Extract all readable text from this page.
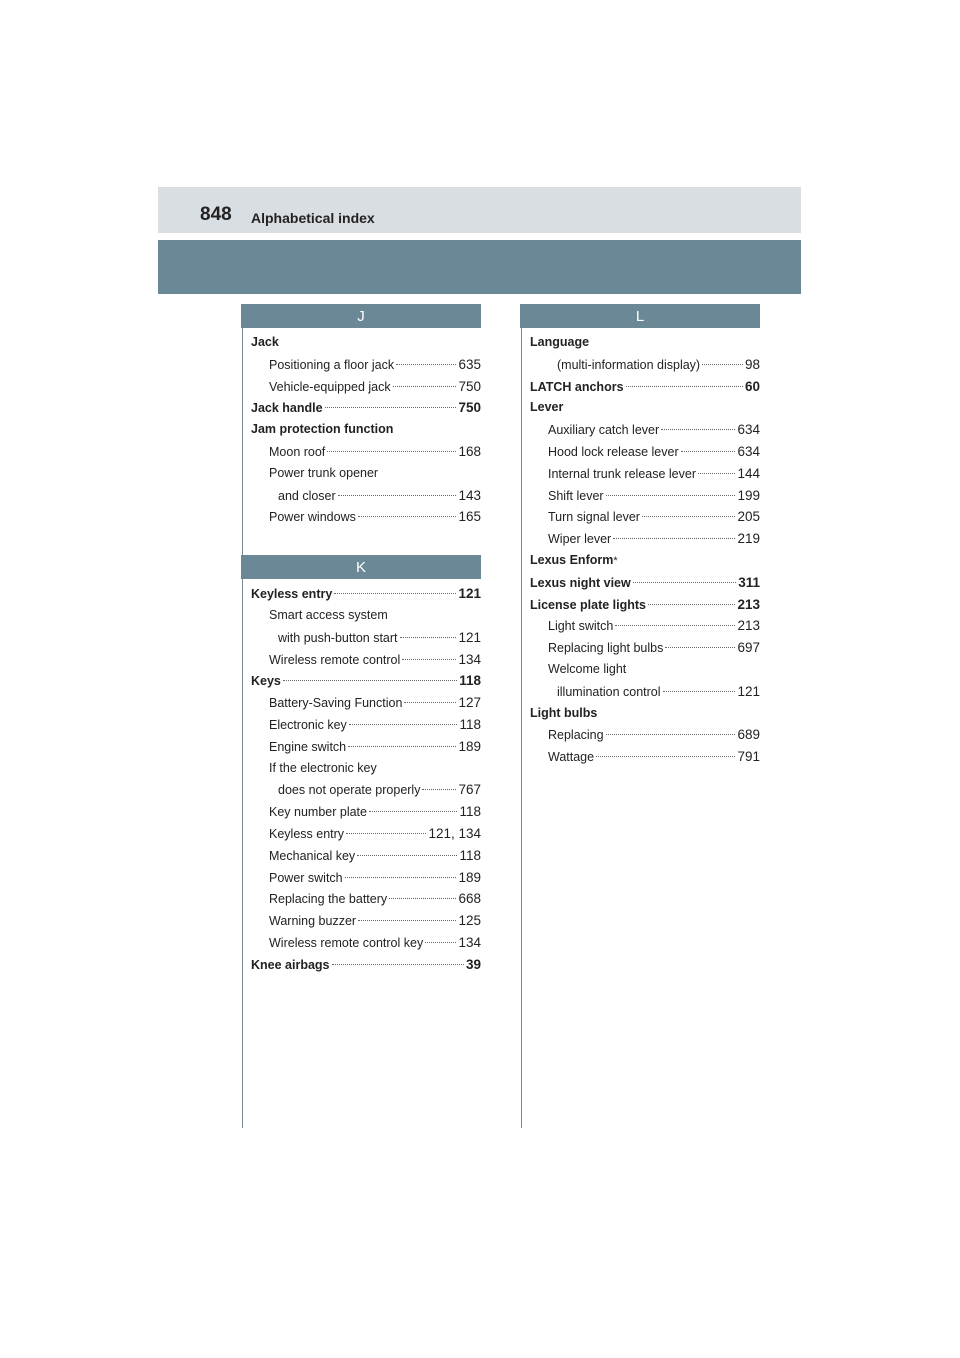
848 Alphabetical index
J
Jack
Positioning a floor jack	635
Vehicle-equipped jack	750
Jack handle	750
Jam protection function
Moon roof	168
Power trunk opener
and closer	143
Power windows	165
K
Keyless entry	121
Smart access system
with push-button start	121
Wireless remote control	134
Keys	118
Battery-Saving Function	127
Electronic key	118
Engine switch	189
If the electronic key
does not operate properly	767
Key number plate	118
Keyless entry	121, 134
Mechanical key	118
Power switch	189
Replacing the battery	668
Warning buzzer	125
Wireless remote control key	134
Knee airbags	39
L
Language
(multi-information display)	98
LATCH anchors	60
Lever
Auxiliary catch lever	634
Hood lock release lever	634
Internal trunk release lever	144
Shift lever	199
Turn signal lever	205
Wiper lever	219
Lexus Enform *
Lexus night view	311
License plate lights	213
Light switch	213
Replacing light bulbs	697
Welcome light
illumination control	121
Light bulbs
Replacing	689
Wattage	791
